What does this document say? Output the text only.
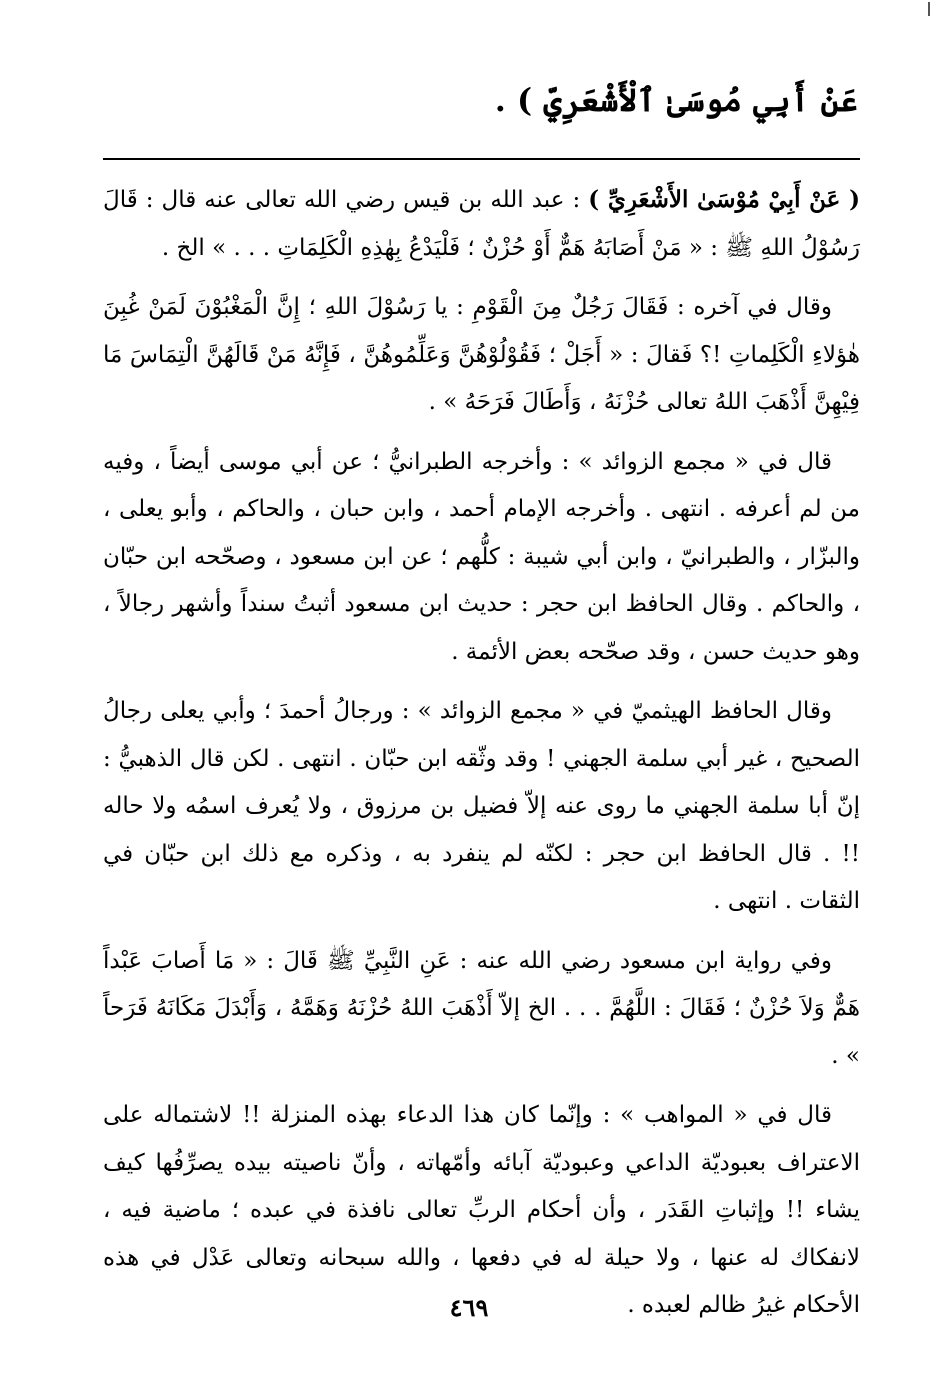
عَنْ أَبِي مُوسَىٰ ٱلْأَشْعَرِيِّ ) .

( عَنْ أَبِيْ مُوْسَىٰ الأَشْعَرِيِّ ) : عبد الله بن قيس رضي الله تعالى عنه قال : قَالَ رَسُوْلُ اللهِ ﷺ : « مَنْ أَصَابَهُ هَمٌّ أَوْ حُزْنٌ ؛ فَلْيَدْعُ بِهٰذِهِ الْكَلِمَاتِ . . . » الخ .

وقال في آخره : فَقَالَ رَجُلٌ مِنَ الْقَوْمِ : يا رَسُوْلَ اللهِ ؛ إِنَّ الْمَغْبُوْنَ لَمَنْ غُبِنَ هٰؤلاءِ الْكَلِماتِ !؟ فَقالَ : « أَجَلْ ؛ فَقُوْلُوْهُنَّ وَعَلِّمُوهُنَّ ، فَإِنَّهُ مَنْ قَالَهُنَّ الْتِمَاسَ مَا فِيْهِنَّ أَذْهَبَ اللهُ تعالى حُزْنَهُ ، وَأَطَالَ فَرَحَهُ » .

قال في « مجمع الزوائد » : وأخرجه الطبرانيُّ ؛ عن أبي موسى أيضاً ، وفيه من لم أعرفه . انتهى . وأخرجه الإمام أحمد ، وابن حبان ، والحاكم ، وأبو يعلى ، والبزّار ، والطبرانيّ ، وابن أبي شيبة : كلُّهم ؛ عن ابن مسعود ، وصحّحه ابن حبّان ، والحاكم . وقال الحافظ ابن حجر : حديث ابن مسعود أثبتُ سنداً وأشهر رجالاً ، وهو حديث حسن ، وقد صحّحه بعض الأئمة .

وقال الحافظ الهيثميّ في « مجمع الزوائد » : ورجالُ أحمدَ ؛ وأبي يعلى رجالُ الصحيح ، غير أبي سلمة الجهني ! وقد وثّقه ابن حبّان . انتهى . لكن قال الذهبيُّ : إنّ أبا سلمة الجهني ما روى عنه إلاّ فضيل بن مرزوق ، ولا يُعرف اسمُه ولا حاله !! . قال الحافظ ابن حجر : لكنّه لم ينفرد به ، وذكره مع ذلك ابن حبّان في الثقات . انتهى .

وفي رواية ابن مسعود رضي الله عنه : عَنِ النَّبِيِّ ﷺ قَالَ : « مَا أَصابَ عَبْداً هَمٌّ وَلاَ حُزْنٌ ؛ فَقَالَ : اللَّهُمَّ . . . الخ إلاّ أَذْهَبَ اللهُ حُزْنَهُ وَهَمَّهُ ، وَأَبْدَلَ مَكَانَهُ فَرَحاً » .

قال في « المواهب » : وإنّما كان هذا الدعاء بهذه المنزلة !! لاشتماله على الاعتراف بعبوديّة الداعي وعبوديّة آبائه وأمّهاته ، وأنّ ناصيته بيده يصرِّفُها كيف يشاء !! وإثباتِ القَدَر ، وأن أحكام الربِّ تعالى نافذة في عبده ؛ ماضية فيه ، لانفكاك له عنها ، ولا حيلة له في دفعها ، والله سبحانه وتعالى عَدْل في هذه الأحكام غيرُ ظالم لعبده .

٤٦٩
